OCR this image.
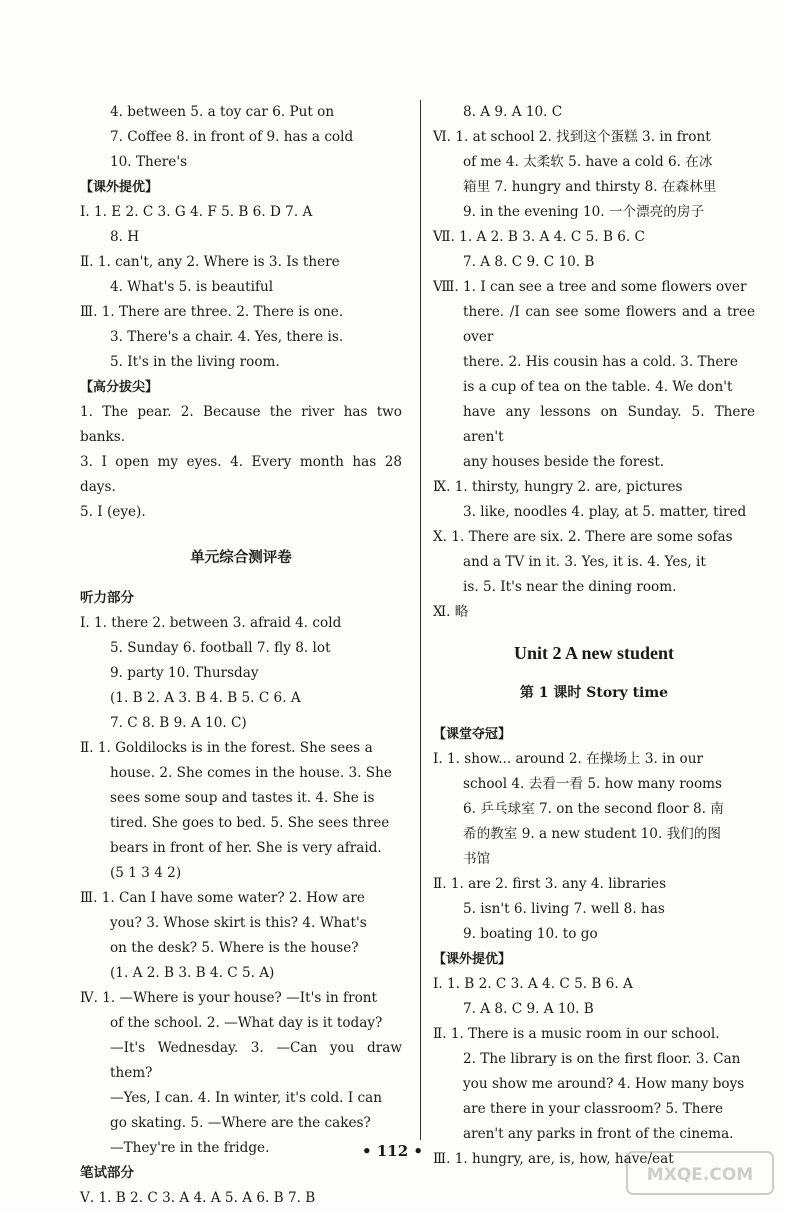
4. between 5. a toy car 6. Put on
7. Coffee 8. in front of 9. has a cold
10. There's
【课外提优】
Ⅰ. 1. E 2. C 3. G 4. F 5. B 6. D 7. A
8. H
Ⅱ. 1. can't, any 2. Where is 3. Is there
4. What's 5. is beautiful
Ⅲ. 1. There are three. 2. There is one.
3. There's a chair. 4. Yes, there is.
5. It's in the living room.
【高分拔尖】
1. The pear. 2. Because the river has two banks.
3. I open my eyes. 4. Every month has 28 days.
5. I (eye).
单元综合测评卷
听力部分
Ⅰ. 1. there 2. between 3. afraid 4. cold
5. Sunday 6. football 7. fly 8. lot
9. party 10. Thursday
(1. B 2. A 3. B 4. B 5. C 6. A
7. C 8. B 9. A 10. C)
Ⅱ. 1. Goldilocks is in the forest. She sees a
house. 2. She comes in the house. 3. She
sees some soup and tastes it. 4. She is
tired. She goes to bed. 5. She sees three
bears in front of her. She is very afraid.
(5 1 3 4 2)
Ⅲ. 1. Can I have some water? 2. How are
you? 3. Whose skirt is this? 4. What's
on the desk? 5. Where is the house?
(1. A 2. B 3. B 4. C 5. A)
Ⅳ. 1. —Where is your house? —It's in front
of the school. 2. —What day is it today?
—It's Wednesday. 3. —Can you draw them?
—Yes, I can. 4. In winter, it's cold. I can
go skating. 5. —Where are the cakes?
—They're in the fridge.
笔试部分
Ⅴ. 1. B 2. C 3. A 4. A 5. A 6. B 7. B
8. A 9. A 10. C
Ⅵ. 1. at school 2. 找到这个蛋糕 3. in front
of me 4. 太柔软 5. have a cold 6. 在冰
箱里 7. hungry and thirsty 8. 在森林里
9. in the evening 10. 一个漂亮的房子
Ⅶ. 1. A 2. B 3. A 4. C 5. B 6. C
7. A 8. C 9. C 10. B
Ⅷ. 1. I can see a tree and some flowers over
there. /I can see some flowers and a tree over
there. 2. His cousin has a cold. 3. There
is a cup of tea on the table. 4. We don't
have any lessons on Sunday. 5. There aren't
any houses beside the forest.
Ⅸ. 1. thirsty, hungry 2. are, pictures
3. like, noodles 4. play, at 5. matter, tired
Ⅹ. 1. There are six. 2. There are some sofas
and a TV in it. 3. Yes, it is. 4. Yes, it
is. 5. It's near the dining room.
Ⅺ. 略
Unit 2 A new student
第 1 课时 Story time
【课堂夺冠】
Ⅰ. 1. show... around 2. 在操场上 3. in our
school 4. 去看一看 5. how many rooms
6. 乒乓球室 7. on the second floor 8. 南
希的教室 9. a new student 10. 我们的图
书馆
Ⅱ. 1. are 2. first 3. any 4. libraries
5. isn't 6. living 7. well 8. has
9. boating 10. to go
【课外提优】
Ⅰ. 1. B 2. C 3. A 4. C 5. B 6. A
7. A 8. C 9. A 10. B
Ⅱ. 1. There is a music room in our school.
2. The library is on the first floor. 3. Can
you show me around? 4. How many boys
are there in your classroom? 5. There
aren't any parks in front of the cinema.
Ⅲ. 1. hungry, are, is, how, have/eat
• 112 •
MXQE.COM
